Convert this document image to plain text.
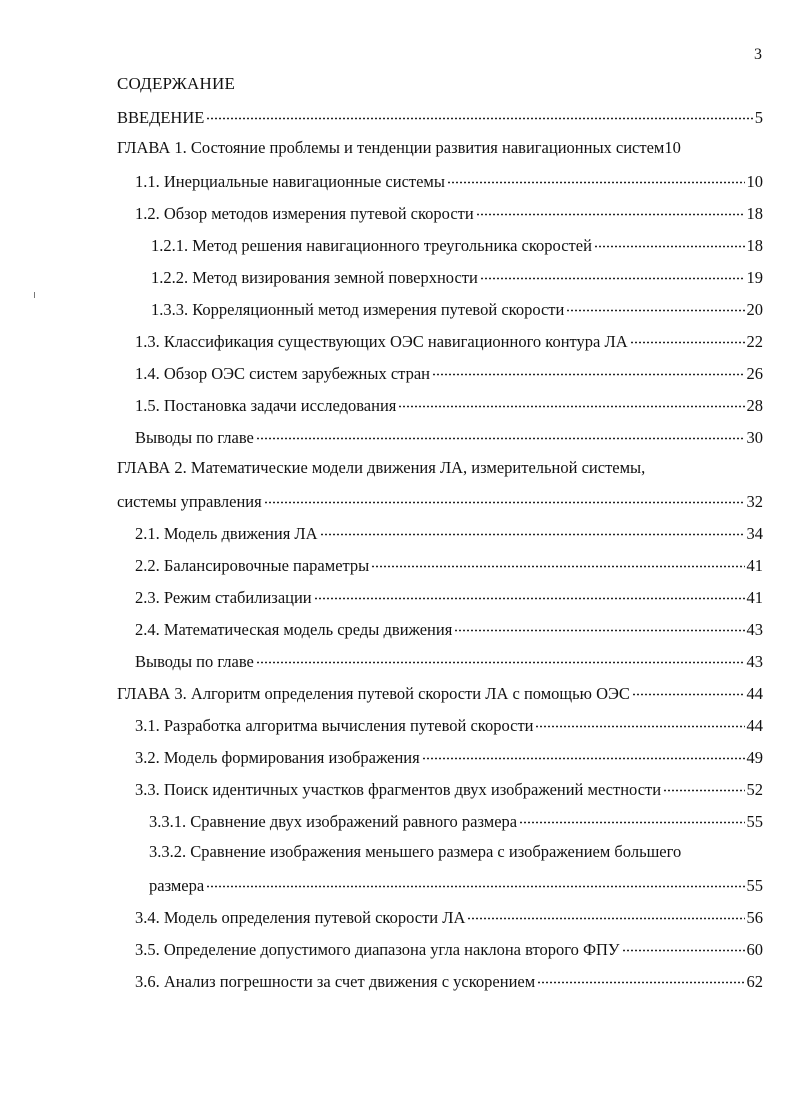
3
СОДЕРЖАНИЕ
ВВЕДЕНИЕ	5
ГЛАВА 1. Состояние проблемы и тенденции развития навигационных систем 10
1.1. Инерциальные навигационные системы	10
1.2. Обзор методов измерения путевой скорости	18
1.2.1. Метод решения навигационного треугольника скоростей	18
1.2.2. Метод визирования земной поверхности	19
1.3.3. Корреляционный метод измерения путевой скорости	20
1.3. Классификация существующих ОЭС навигационного контура ЛА	22
1.4. Обзор ОЭС систем зарубежных стран	26
1.5. Постановка задачи исследования	28
Выводы по главе	30
ГЛАВА 2. Математические модели движения ЛА, измерительной системы,
системы управления	32
2.1. Модель движения ЛА	34
2.2. Балансировочные параметры	41
2.3. Режим стабилизации	41
2.4. Математическая модель среды движения	43
Выводы по главе	43
ГЛАВА 3. Алгоритм определения путевой скорости ЛА с помощью ОЭС	44
3.1. Разработка алгоритма вычисления путевой скорости	44
3.2. Модель формирования изображения	49
3.3. Поиск идентичных участков фрагментов двух изображений местности	52
3.3.1. Сравнение двух изображений равного размера	55
3.3.2. Сравнение изображения меньшего размера с изображением большего
размера	55
3.4. Модель определения путевой скорости ЛА	56
3.5. Определение допустимого диапазона угла наклона второго ФПУ	60
3.6. Анализ погрешности за счет движения с ускорением	62
